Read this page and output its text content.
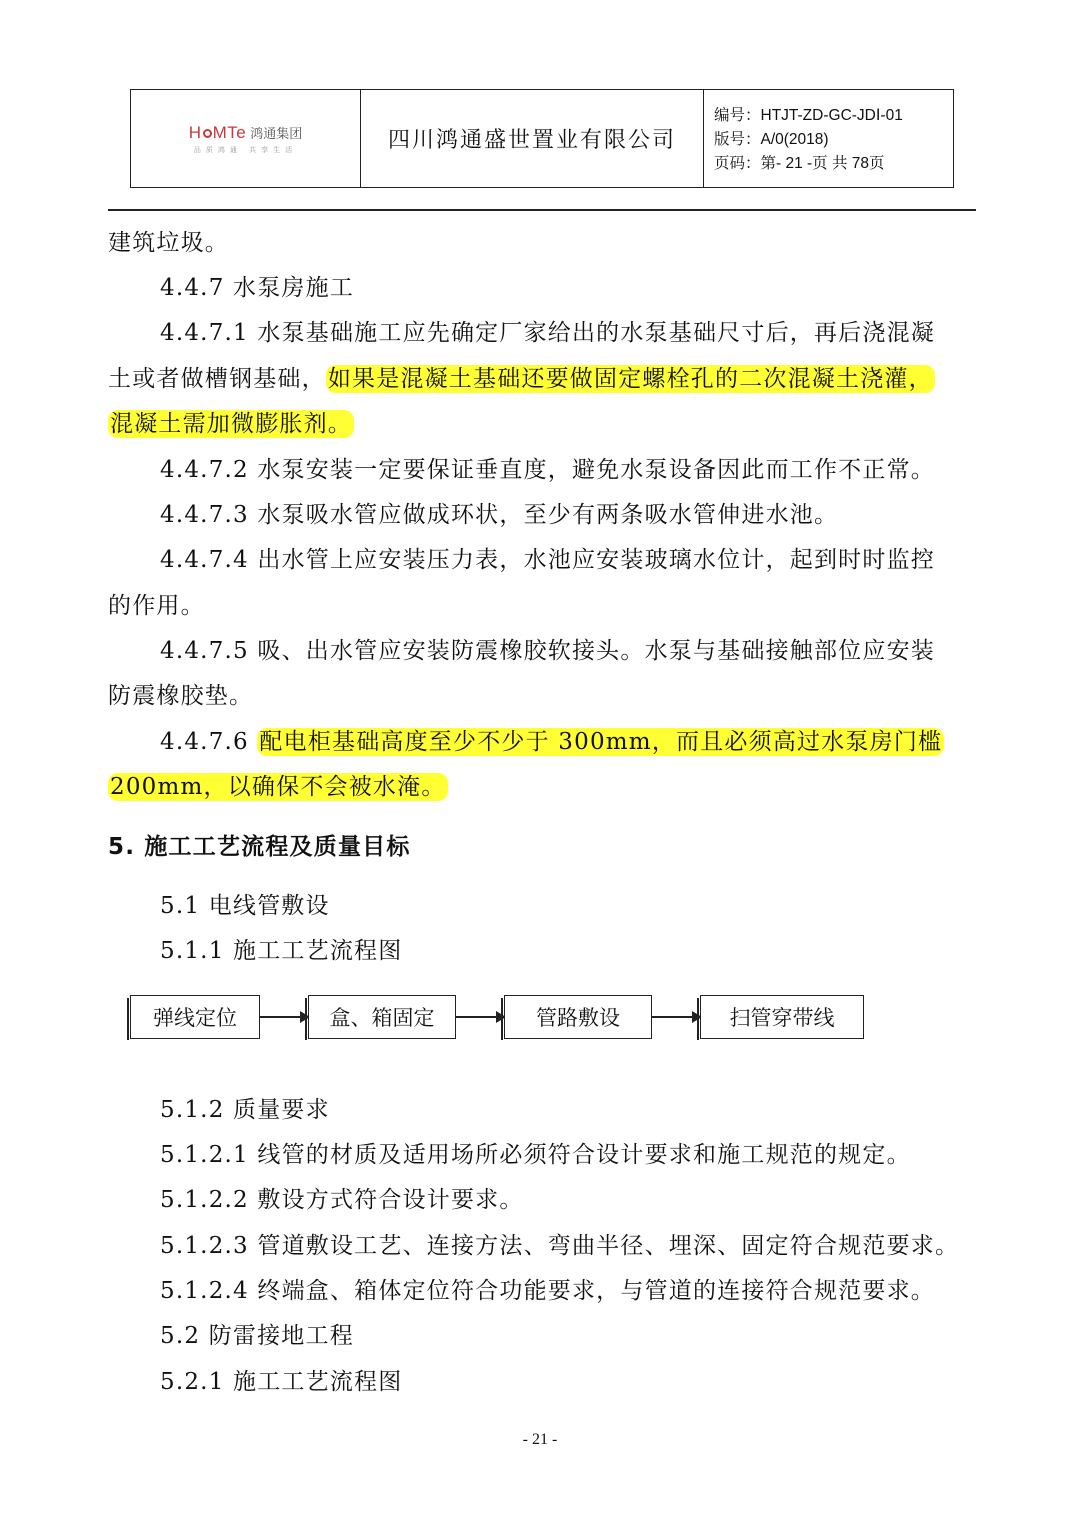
H MTe 鸿通集团
品质鸿通 共享生活	四川鸿通盛世置业有限公司
编号：HTJT-ZD-GC-JDⅠ-01
版号：A/0(2018)
页码：第- 21 -页 共 78页
建筑垃圾。
4.4.7 水泵房施工
4.4.7.1 水泵基础施工应先确定厂家给出的水泵基础尺寸后，再后浇混凝
土或者做槽钢基础，如果是混凝土基础还要做固定螺栓孔的二次混凝土浇灌，
混凝土需加微膨胀剂。
4.4.7.2 水泵安装一定要保证垂直度，避免水泵设备因此而工作不正常。
4.4.7.3 水泵吸水管应做成环状，至少有两条吸水管伸进水池。
4.4.7.4 出水管上应安装压力表，水池应安装玻璃水位计，起到时时监控
的作用。
4.4.7.5 吸、出水管应安装防震橡胶软接头。水泵与基础接触部位应安装
防震橡胶垫。
4.4.7.6 配电柜基础高度至少不少于 300mm，而且必须高过水泵房门槛
200mm，以确保不会被水淹。
5. 施工工艺流程及质量目标
5.1 电线管敷设
5.1.1 施工工艺流程图
弹线定位	盒、箱固定	管路敷设	扫管穿带线
5.1.2 质量要求
5.1.2.1 线管的材质及适用场所必须符合设计要求和施工规范的规定。
5.1.2.2 敷设方式符合设计要求。
5.1.2.3 管道敷设工艺、连接方法、弯曲半径、埋深、固定符合规范要求。
5.1.2.4 终端盒、箱体定位符合功能要求，与管道的连接符合规范要求。
5.2 防雷接地工程
5.2.1 施工工艺流程图
- 21 -
